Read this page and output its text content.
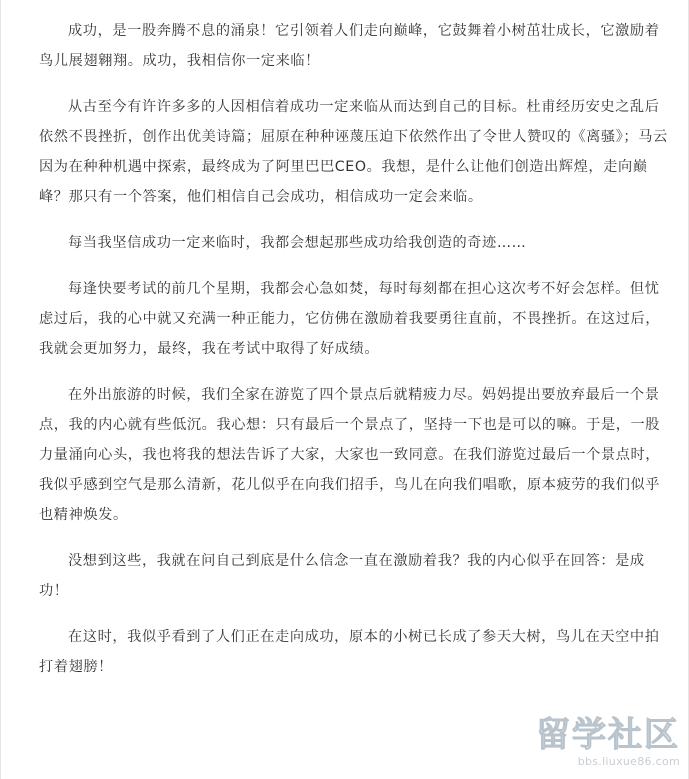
成功，是一股奔腾不息的涌泉！它引领着人们走向巅峰，它鼓舞着小树茁壮成长，它激励着鸟儿展翅翱翔。成功，我相信你一定来临！

从古至今有许许多多的人因相信着成功一定来临从而达到自己的目标。杜甫经历安史之乱后依然不畏挫折，创作出优美诗篇；屈原在种种诬蔑压迫下依然作出了令世人赞叹的《离骚》；马云因为在种种机遇中探索，最终成为了阿里巴巴CEO。我想，是什么让他们创造出辉煌，走向巅峰？那只有一个答案，他们相信自己会成功，相信成功一定会来临。

每当我坚信成功一定来临时，我都会想起那些成功给我创造的奇迹……

每逢快要考试的前几个星期，我都会心急如焚，每时每刻都在担心这次考不好会怎样。但忧虑过后，我的心中就又充满一种正能力，它仿佛在激励着我要勇往直前，不畏挫折。在这过后，我就会更加努力，最终，我在考试中取得了好成绩。

在外出旅游的时候，我们全家在游览了四个景点后就精疲力尽。妈妈提出要放弃最后一个景点，我的内心就有些低沉。我心想：只有最后一个景点了，坚持一下也是可以的嘛。于是，一股力量涌向心头，我也将我的想法告诉了大家，大家也一致同意。在我们游览过最后一个景点时，我似乎感到空气是那么清新，花儿似乎在向我们招手，鸟儿在向我们唱歌，原本疲劳的我们似乎也精神焕发。

没想到这些，我就在问自己到底是什么信念一直在激励着我？我的内心似乎在回答：是成功！

在这时，我似乎看到了人们正在走向成功，原本的小树已长成了参天大树，鸟儿在天空中拍打着翅膀！

留学社区
bbs.liuxue86.com
